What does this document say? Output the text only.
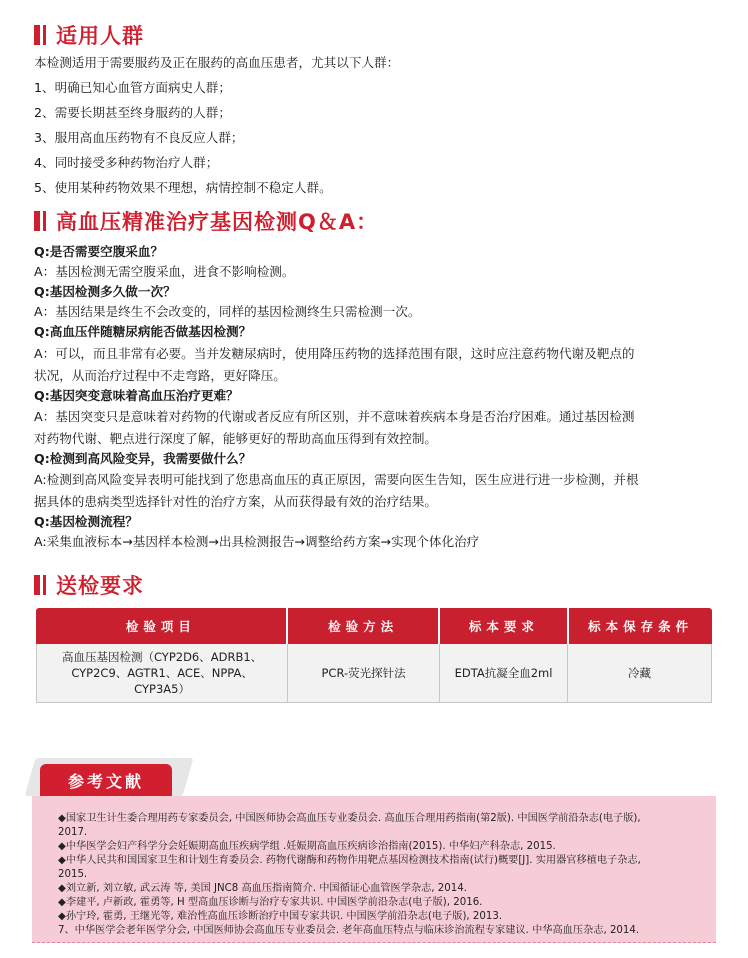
适用人群
本检测适用于需要服药及正在服药的高血压患者，尤其以下人群：
1、明确已知心血管方面病史人群；
2、需要长期甚至终身服药的人群；
3、服用高血压药物有不良反应人群；
4、同时接受多种药物治疗人群；
5、使用某种药物效果不理想，病情控制不稳定人群。
高血压精准治疗基因检测Q＆A：
Q:是否需要空腹采血？
A：基因检测无需空腹采血，进食不影响检测。
Q:基因检测多久做一次？
A：基因结果是终生不会改变的，同样的基因检测终生只需检测一次。
Q:高血压伴随糖尿病能否做基因检测？
A：可以，而且非常有必要。当并发糖尿病时，使用降压药物的选择范围有限，这时应注意药物代谢及靶点的
状况，从而治疗过程中不走弯路，更好降压。
Q:基因突变意味着高血压治疗更难？
A：基因突变只是意味着对药物的代谢或者反应有所区别，并不意味着疾病本身是否治疗困难。通过基因检测
对药物代谢、靶点进行深度了解，能够更好的帮助高血压得到有效控制。
Q:检测到高风险变异，我需要做什么？
A:检测到高风险变异表明可能找到了您患高血压的真正原因，需要向医生告知，医生应进行进一步检测，并根
据具体的患病类型选择针对性的治疗方案，从而获得最有效的治疗结果。
Q:基因检测流程？
A:采集血液标本→基因样本检测→出具检测报告→调整给药方案→实现个体化治疗
送检要求
检验项目	检验方法	标本要求	标本保存条件
高血压基因检测（CYP2D6、ADRB1、
CYP2C9、AGTR1、ACE、NPPA、
CYP3A5）
PCR-荧光探针法	EDTA抗凝全血2ml	冷藏
参考文献
◆国家卫生计生委合理用药专家委员会, 中国医师协会高血压专业委员会. 高血压合理用药指南(第2版). 中国医学前沿杂志(电子版),
2017.
◆中华医学会妇产科学分会妊娠期高血压疾病学组 .妊娠期高血压疾病诊治指南(2015). 中华妇产科杂志, 2015.
◆中华人民共和国国家卫生和计划生育委员会. 药物代谢酶和药物作用靶点基因检测技术指南(试行)概要[J]. 实用器官移植电子杂志,
2015.
◆刘立新, 刘立敏, 武云涛 等, 美国 JNC8 高血压指南简介. 中国循证心血管医学杂志, 2014.
◆李建平, 卢新政, 霍勇等, H 型高血压诊断与治疗专家共识. 中国医学前沿杂志(电子版), 2016.
◆孙宁玲, 霍勇, 王继光等, 难治性高血压诊断治疗中国专家共识. 中国医学前沿杂志(电子版), 2013.
7、中华医学会老年医学分会, 中国医师协会高血压专业委员会. 老年高血压特点与临床诊治流程专家建议. 中华高血压杂志, 2014.
